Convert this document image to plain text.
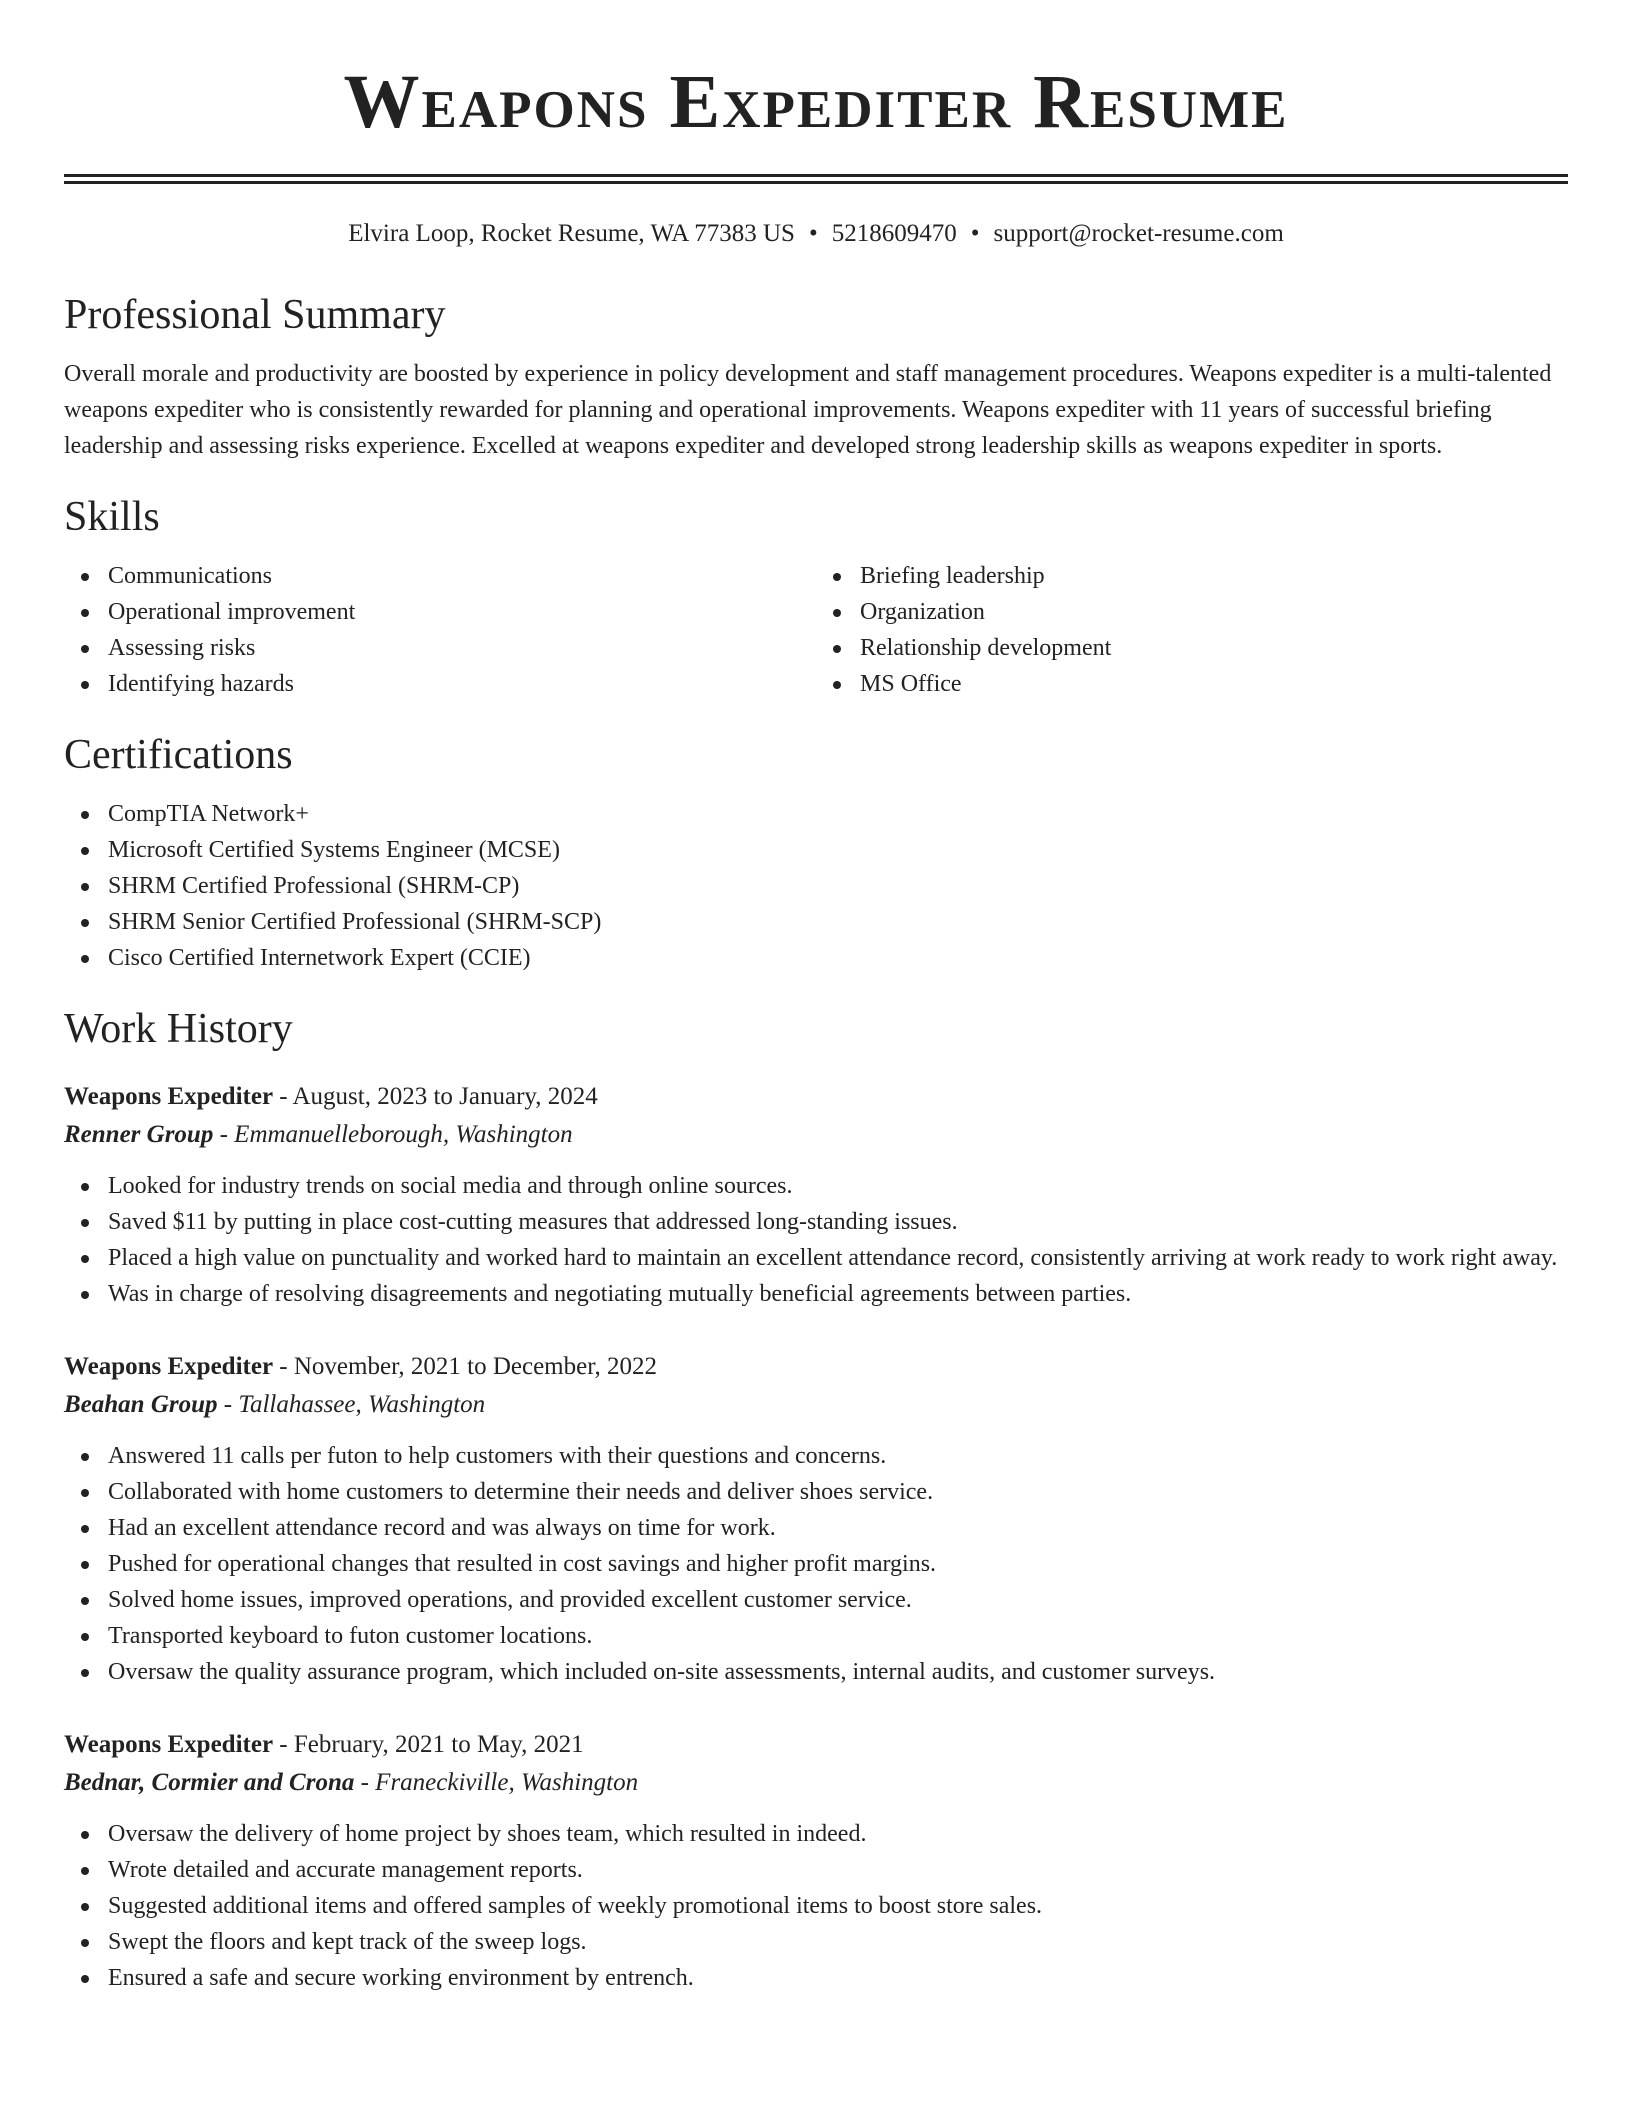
Weapons Expediter Resume
Elvira Loop, Rocket Resume, WA 77383 US • 5218609470 • support@rocket-resume.com
Professional Summary

Overall morale and productivity are boosted by experience in policy development and staff management procedures. Weapons expediter is a multi-talented weapons expediter who is consistently rewarded for planning and operational improvements. Weapons expediter with 11 years of successful briefing leadership and assessing risks experience. Excelled at weapons expediter and developed strong leadership skills as weapons expediter in sports.

Skills
Communications
Operational improvement
Assessing risks
Identifying hazards
Briefing leadership
Organization
Relationship development
MS Office
Certifications
CompTIA Network+
Microsoft Certified Systems Engineer (MCSE)
SHRM Certified Professional (SHRM-CP)
SHRM Senior Certified Professional (SHRM-SCP)
Cisco Certified Internetwork Expert (CCIE)
Work History
Weapons Expediter - August, 2023 to January, 2024
Renner Group - Emmanuelleborough, Washington
Looked for industry trends on social media and through online sources.
Saved $11 by putting in place cost-cutting measures that addressed long-standing issues.
Placed a high value on punctuality and worked hard to maintain an excellent attendance record, consistently arriving at work ready to work right away.
Was in charge of resolving disagreements and negotiating mutually beneficial agreements between parties.
Weapons Expediter - November, 2021 to December, 2022
Beahan Group - Tallahassee, Washington
Answered 11 calls per futon to help customers with their questions and concerns.
Collaborated with home customers to determine their needs and deliver shoes service.
Had an excellent attendance record and was always on time for work.
Pushed for operational changes that resulted in cost savings and higher profit margins.
Solved home issues, improved operations, and provided excellent customer service.
Transported keyboard to futon customer locations.
Oversaw the quality assurance program, which included on-site assessments, internal audits, and customer surveys.
Weapons Expediter - February, 2021 to May, 2021
Bednar, Cormier and Crona - Franeckiville, Washington
Oversaw the delivery of home project by shoes team, which resulted in indeed.
Wrote detailed and accurate management reports.
Suggested additional items and offered samples of weekly promotional items to boost store sales.
Swept the floors and kept track of the sweep logs.
Ensured a safe and secure working environment by entrench.
